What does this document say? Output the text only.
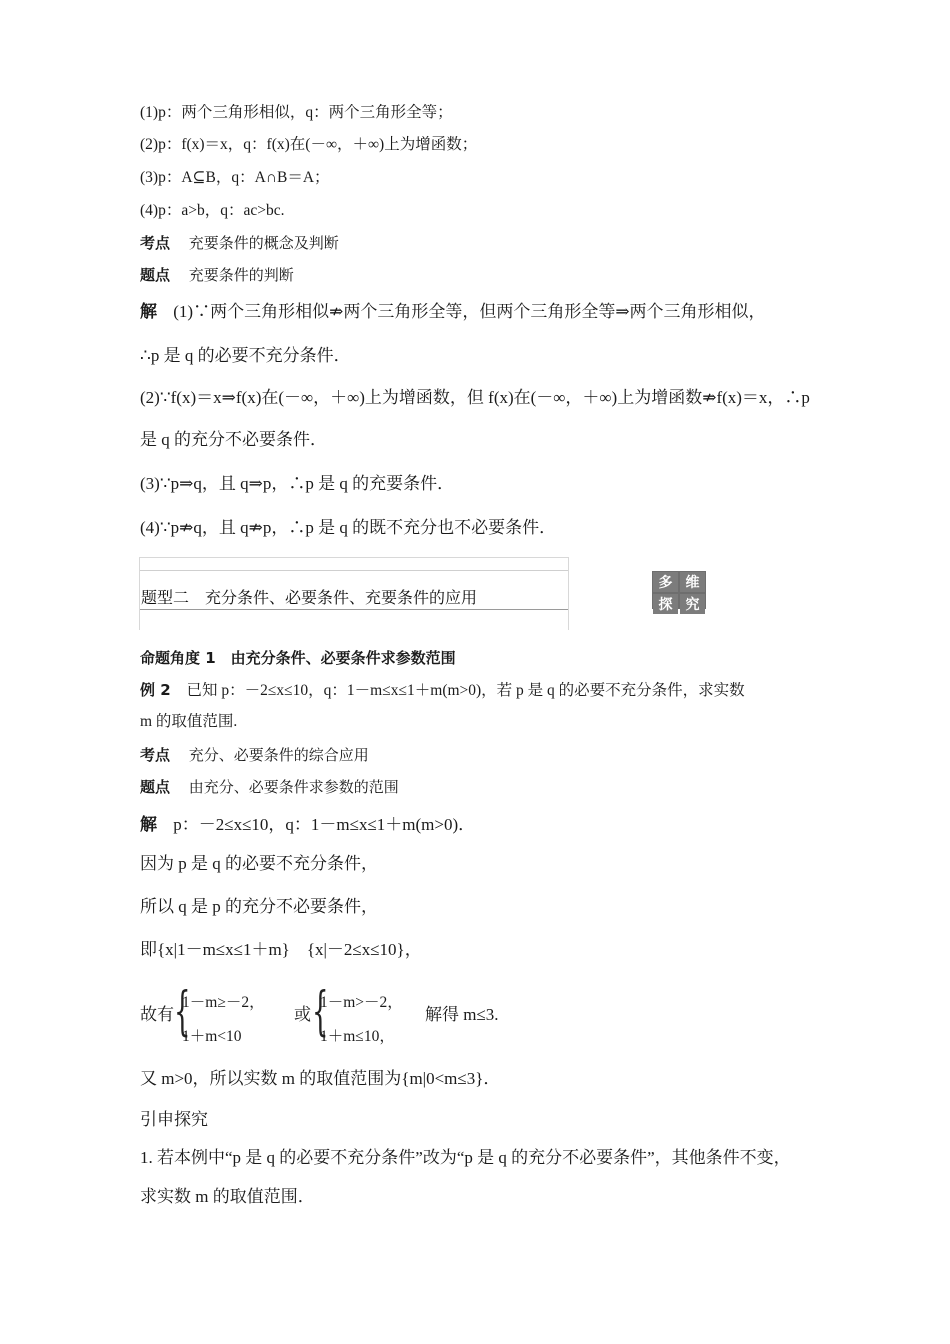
(1)p：两个三角形相似，q：两个三角形全等；
(2)p：f(x)＝x，q：f(x)在(－∞，＋∞)上为增函数；
(3)p：A⊆B，q：A∩B＝A；
(4)p：a>b，q：ac>bc.
考点 充要条件的概念及判断
题点 充要条件的判断
解 (1)∵两个三角形相似⇏两个三角形全等，但两个三角形全等⇒两个三角形相似，
∴p 是 q 的必要不充分条件．
(2)∵f(x)＝x⇒f(x)在(－∞，＋∞)上为增函数，但 f(x)在(－∞，＋∞)上为增函数⇏f(x)＝x，∴p
是 q 的充分不必要条件．
(3)∵p⇒q，且 q⇒p，∴p 是 q 的充要条件．
(4)∵p⇏q，且 q⇏p，∴p 是 q 的既不充分也不必要条件．
题型二　充分条件、必要条件、充要条件的应用
多 维
探 究
命题角度 1　由充分条件、必要条件求参数范围
例 2 已知 p：－2≤x≤10，q：1－m≤x≤1＋m(m>0)，若 p 是 q 的必要不充分条件，求实数
m 的取值范围.
考点 充分、必要条件的综合应用
题点 由充分、必要条件求参数的范围
解 p：－2≤x≤10，q：1－m≤x≤1＋m(m>0)．
因为 p 是 q 的必要不充分条件，
所以 q 是 p 的充分不必要条件，
即{x|1－m≤x≤1＋m}　{x|－2≤x≤10}，
故有 {
1－m≥－2，
1＋m<10
或 {
1－m>－2，
1＋m≤10，
解得 m≤3.
又 m>0，所以实数 m 的取值范围为{m|0<m≤3}．
引申探究
1. 若本例中“p 是 q 的必要不充分条件”改为“p 是 q 的充分不必要条件”，其他条件不变，
求实数 m 的取值范围．
